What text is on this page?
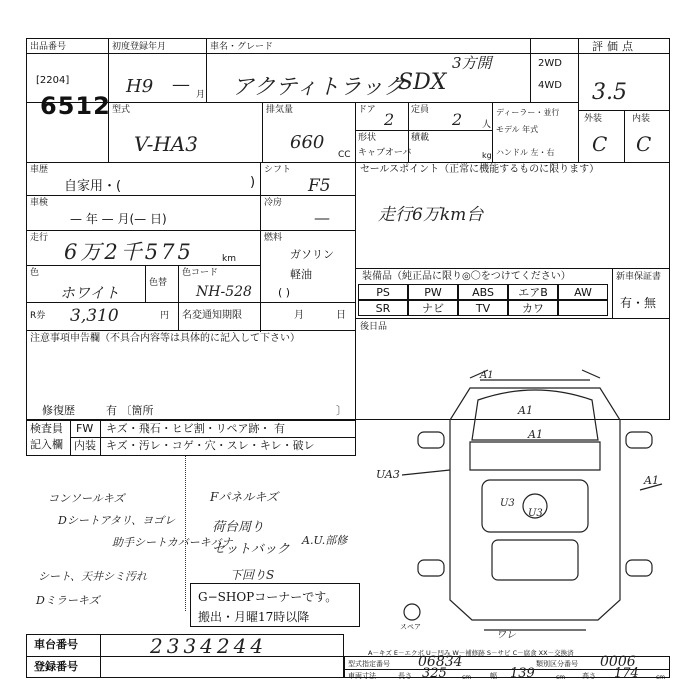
出品番号
[2204]
6512
初度登録年月
H9 — 月
車名・グレード
アクティトラック
SDX
3方開	2WD
4WD
評価点
3.5
型式
V-HA3
排気量
660
CC
ドア 2 定員 2 人
形状
キャブオーバ
積載
kg
ディーラー・並行
モデル 年式
ハンドル 左・右
外装	内装
C C
車歴
自家用・(	)
シフト
F5
車検
— 年 — 月(— 日)
冷房
—
走行
6万2千575	km
燃料
ガソリン
軽油
( )
色
ホワイト
色替
色コード
NH-528
R券 3,310	円 名変通知期限	月	日
セールスポイント（正常に機能するものに限ります）
走行6万km台
装備品（純正品に限り◎〇をつけてください）	新車保証書
有・無
PS	PW	ABS	エアB	AW
SR	ナビ	TV	カワ
後日品
注意事項申告欄（不具合内容等は具体的に記入して下さい）
修復歴	有 〔箇所	〕
検査員
記入欄
FW キズ・飛石・ヒビ割・リペア跡・ 有
内装 キズ・汚レ・コゲ・穴・スレ・キレ・破レ
コンソールキズ
Dシートアタリ、ヨゴレ
助手シートカバーキバナ
シート、天井シミ汚れ
Dミラーキズ
Fパネルキズ
荷台周り
セットバック
A.U.部修
下回りS
G−SHOPコーナーです。
搬出・月曜17時以降
A1
A1
U3
U3
UA3	A1
A1
スペア
ワレ
A－キズ E－エクボ U－凹み W－補修跡 S－サビ C－腐食 XX－交換済
車台番号	2334244
登録番号	型式指定番号 06834	類別区分番号 0006
車両寸法	長さ 325	cm	幅 139	cm 高さ 174	cm
